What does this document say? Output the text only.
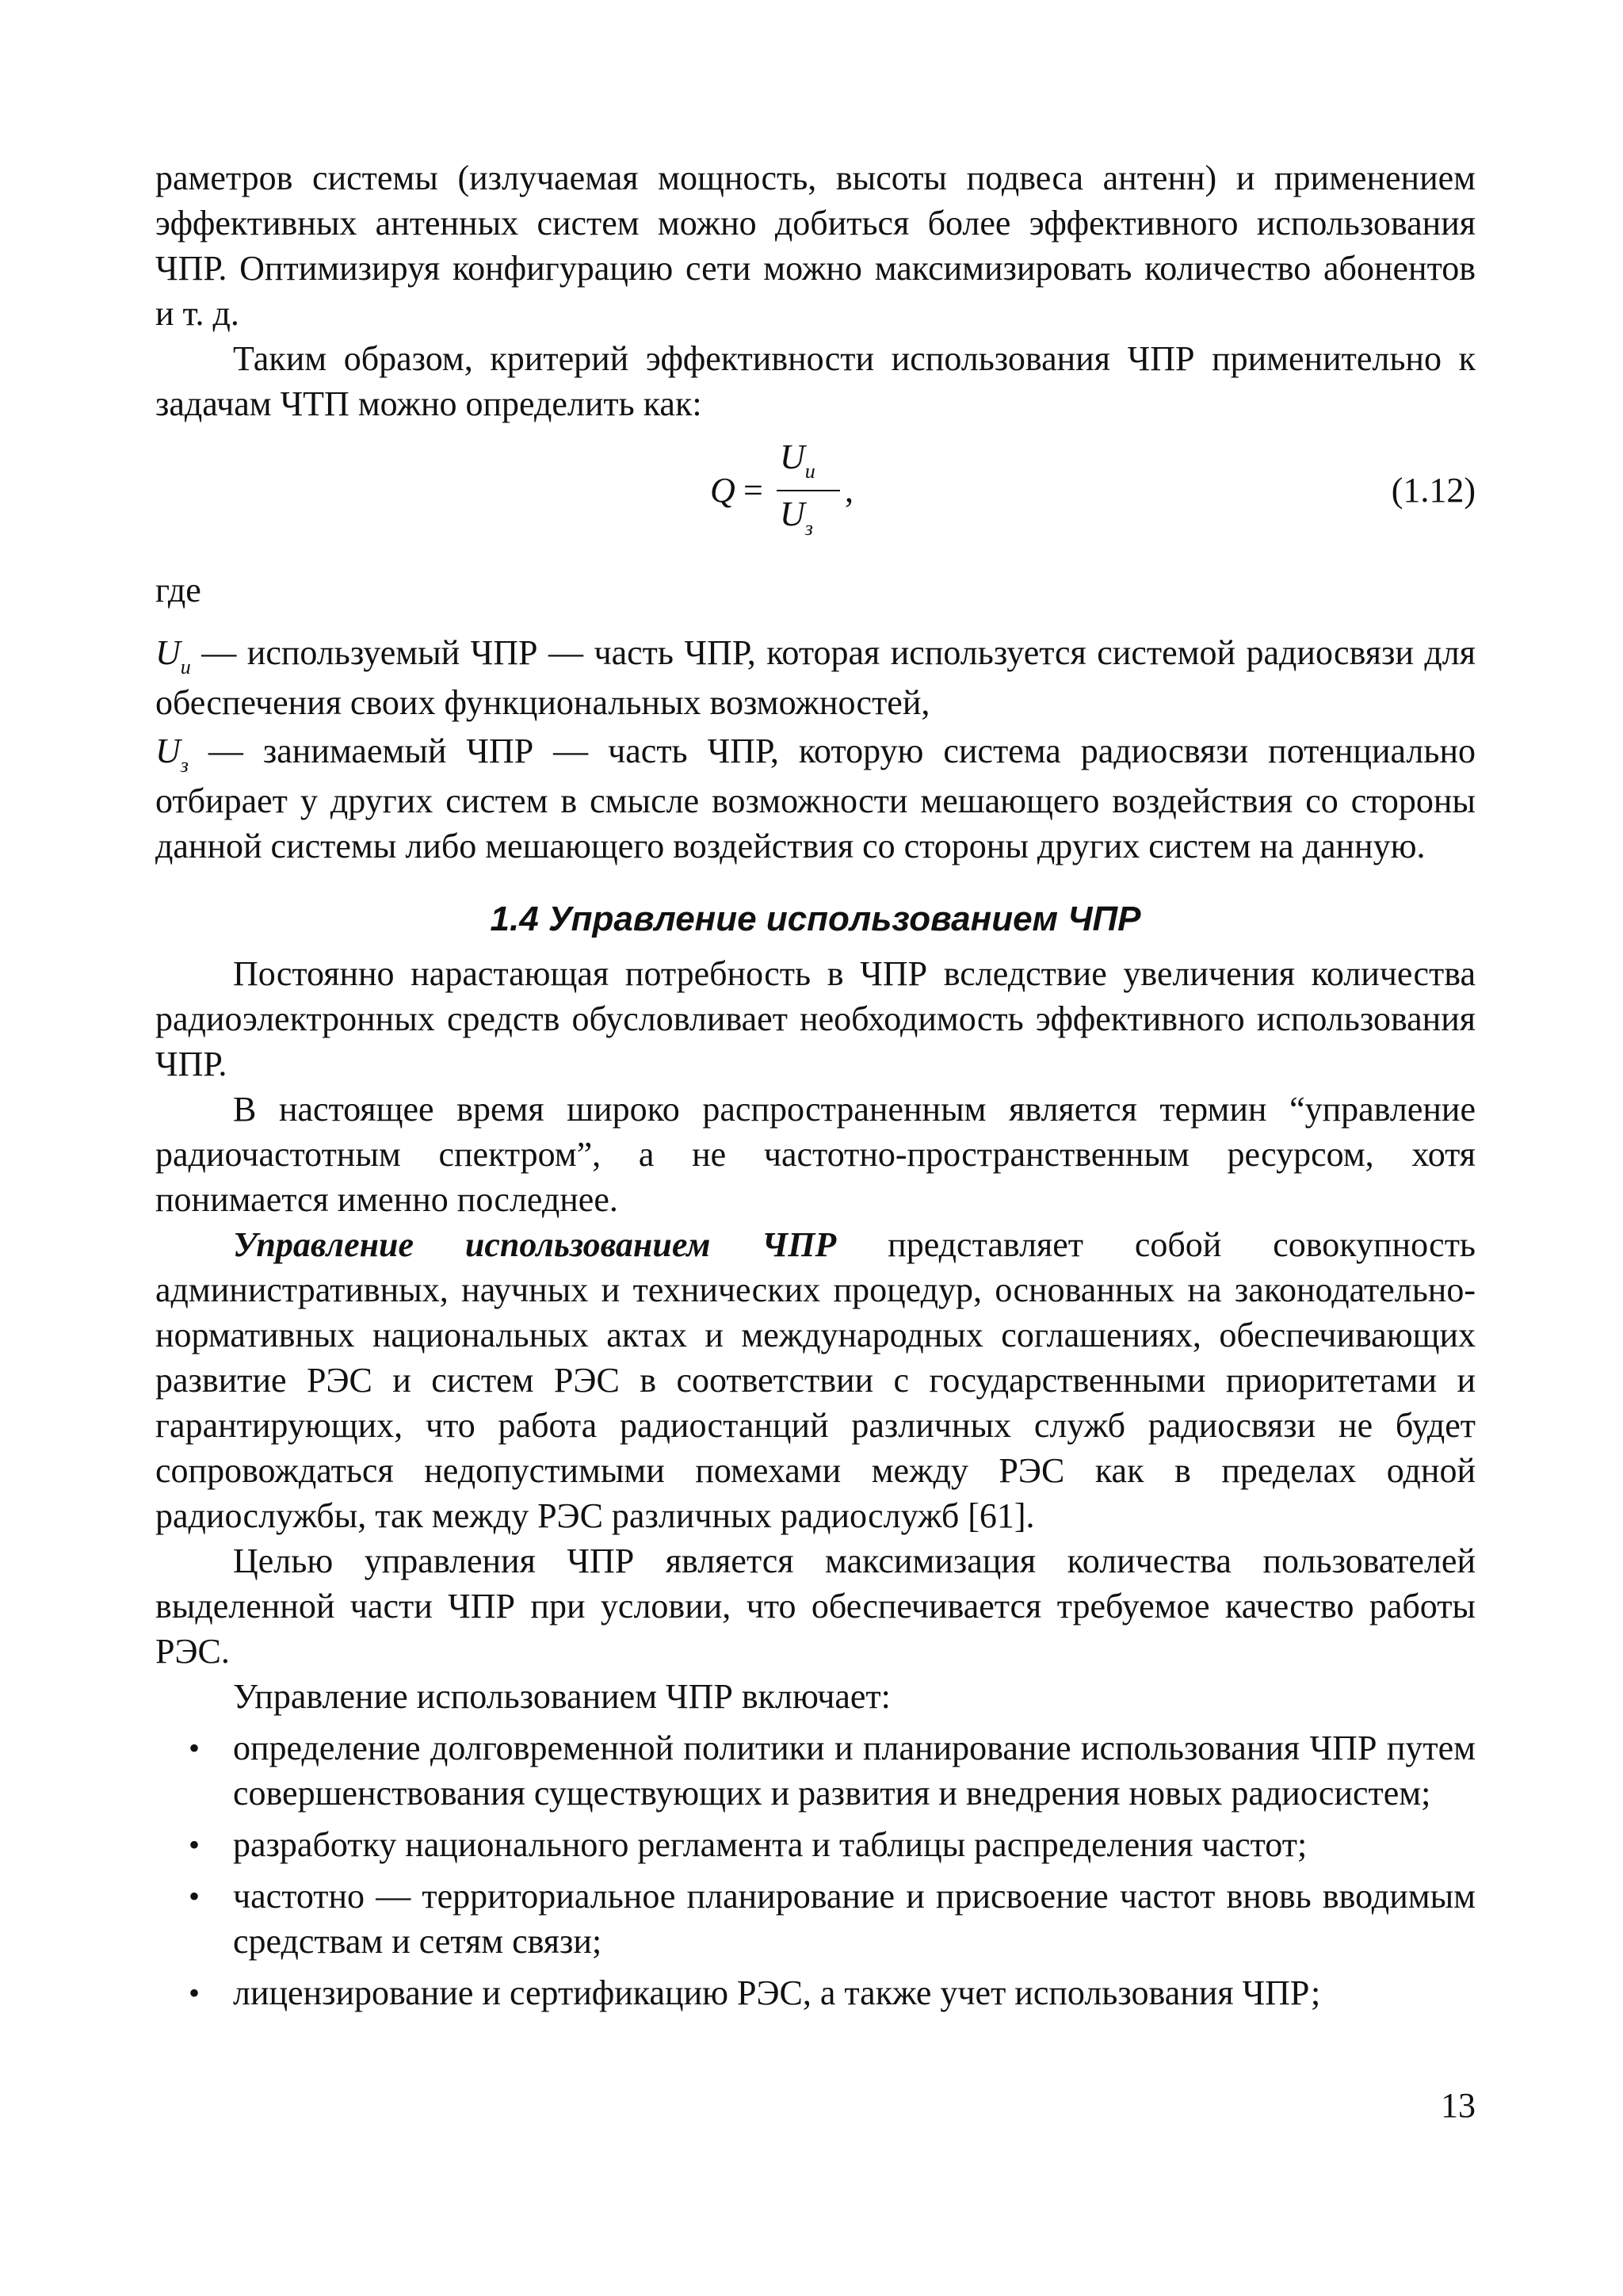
раметров системы (излучаемая мощность, высоты подвеса антенн) и применением эффективных антенных систем можно добиться более эффективного использования ЧПР. Оптимизируя конфигурацию сети можно максимизировать количество абонентов и т. д.

Таким образом, критерий эффективности использования ЧПР применительно к задачам ЧТП можно определить как:

Q =
$U_и$
$U_з$
,	(1.12)

где

$U_и$ — используемый ЧПР — часть ЧПР, которая используется системой радиосвязи для обеспечения своих функциональных возможностей,

$U_з$ — занимаемый ЧПР — часть ЧПР, которую система радиосвязи потенциально отбирает у других систем в смысле возможности мешающего воздействия со стороны данной системы либо мешающего воздействия со стороны других систем на данную.

1.4 Управление использованием ЧПР

Постоянно нарастающая потребность в ЧПР вследствие увеличения количества радиоэлектронных средств обусловливает необходимость эффективного использования ЧПР.

В настоящее время широко распространенным является термин “управление радиочастотным спектром”, а не частотно-пространственным ресурсом, хотя понимается именно последнее.

Управление использованием ЧПР представляет собой совокупность административных, научных и технических процедур, основанных на законодательно-нормативных национальных актах и международных соглашениях, обеспечивающих развитие РЭС и систем РЭС в соответствии с государственными приоритетами и гарантирующих, что работа радиостанций различных служб радиосвязи не будет сопровождаться недопустимыми помехами между РЭС как в пределах одной радиослужбы, так между РЭС различных радиослужб [61].

Целью управления ЧПР является максимизация количества пользователей выделенной части ЧПР при условии, что обеспечивается требуемое качество работы РЭС.

Управление использованием ЧПР включает:

• определение долговременной политики и планирование использования ЧПР путем совершенствования существующих и развития и внедрения новых радиосистем;
• разработку национального регламента и таблицы распределения частот;
• частотно — территориальное планирование и присвоение частот вновь вводимым средствам и сетям связи;
• лицензирование и сертификацию РЭС, а также учет использования ЧПР;
13
